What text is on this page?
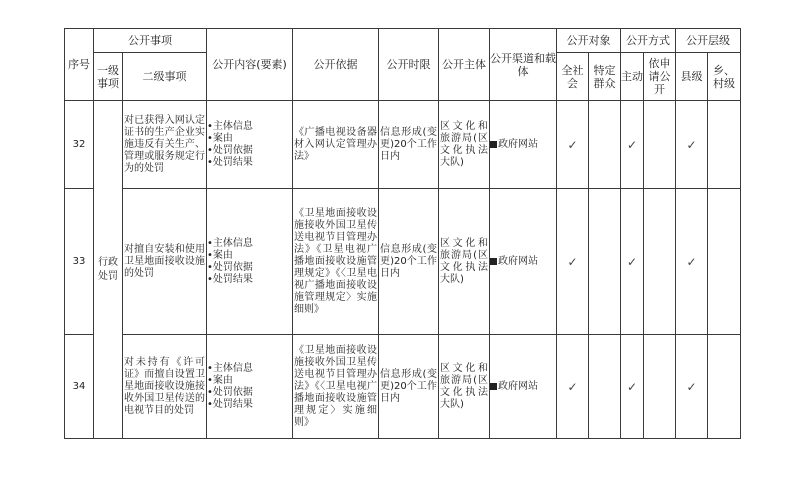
序号	公开事项		公开内容(要素)	公开依据	公开时限	公开主体	公开渠道和载体	公开对象		公开方式		公开层级	
	一级事项	二级事项						全社会	特定群众	主动	依申请公开	县级	乡、村级
32	行政处罚	对已获得入网认定证书的生产企业实施违反有关生产、管理或服务规定行为的处罚	•主体信息
•案由
•处罚依据
•处罚结果	《广播电视设备器材入网认定管理办法》	信息形成(变更)20个工作日内	区文化和旅游局(区文化执法大队)	政府网站	✓		✓		✓	
33		对擅自安装和使用卫星地面接收设施的处罚	•主体信息
•案由
•处罚依据
•处罚结果	《卫星地面接收设施接收外国卫星传送电视节目管理办法》《卫星电视广播地面接收设施管理规定》《〈卫星电视广播地面接收设施管理规定〉实施细则》	信息形成(变更)20个工作日内	区文化和旅游局(区文化执法大队)	政府网站	✓		✓		✓	
34		对未持有《许可证》而擅自设置卫星地面接收设施接收外国卫星传送的电视节目的处罚	•主体信息
•案由
•处罚依据
•处罚结果	《卫星地面接收设施接收外国卫星传送电视节目管理办法》《〈卫星电视广播地面接收设施管理规定〉实施细则》	信息形成(变更)20个工作日内	区文化和旅游局(区文化执法大队)	政府网站	✓		✓		✓	
